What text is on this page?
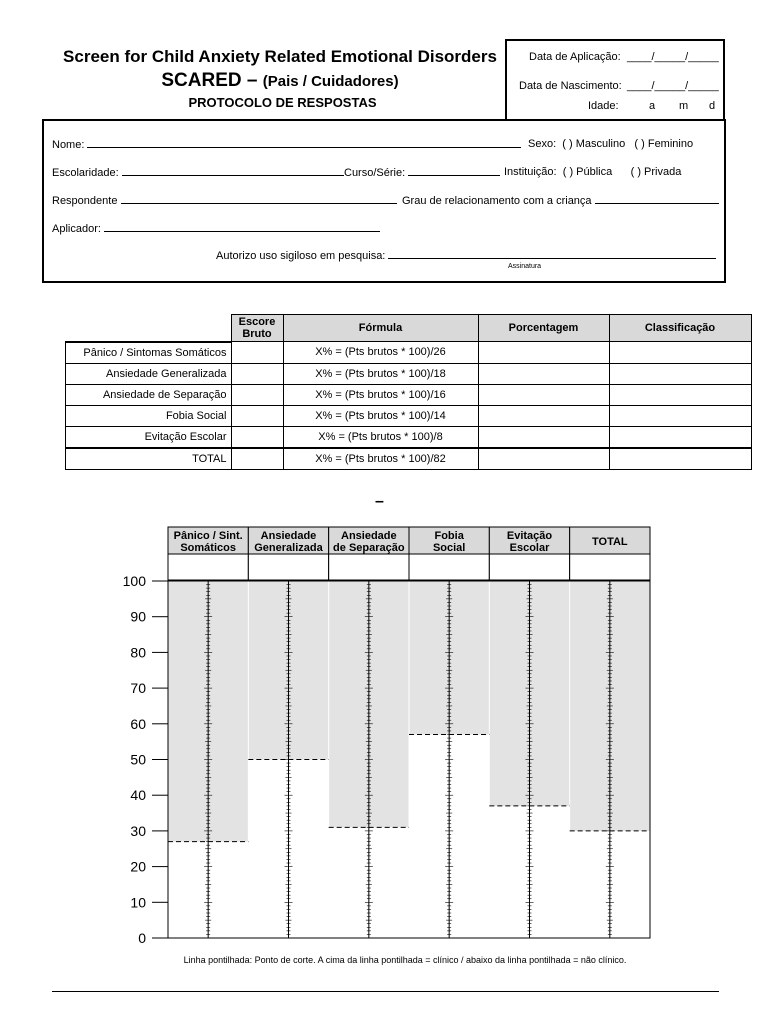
Screen for Child Anxiety Related Emotional Disorders
SCARED – (Pais / Cuidadores)
PROTOCOLO DE RESPOSTAS
Data de Aplicação: ____/_____/_____
Data de Nascimento: ____/_____/_____
Idade:	a m d
Nome:	Sexo: ( ) Masculino ( ) Feminino
Escolaridade:	Curso/Série:	Instituição: ( ) Pública ( ) Privada
Respondente	Grau de relacionamento com a criança
Aplicador:
Autorizo uso sigiloso em pesquisa:
Assinatura
	Escore Bruto	Fórmula	Porcentagem	Classificação
Pânico / Sintomas Somáticos		X% = (Pts brutos * 100)/26		
Ansiedade Generalizada		X% = (Pts brutos * 100)/18		
Ansiedade de Separação		X% = (Pts brutos * 100)/16		
Fobia Social		X% = (Pts brutos * 100)/14		
Evitação Escolar		X% = (Pts brutos * 100)/8		
TOTAL		X% = (Pts brutos * 100)/82		
–
Pânico / Sint. Somáticos
Ansiedade Generalizada
Ansiedade de Separação
Fobia Social
Evitação Escolar	TOTAL
0
10
20
30
40
50
60
70
80
90
100
Linha pontilhada: Ponto de corte. A cima da linha pontilhada = clínico / abaixo da linha pontilhada = não clínico.
